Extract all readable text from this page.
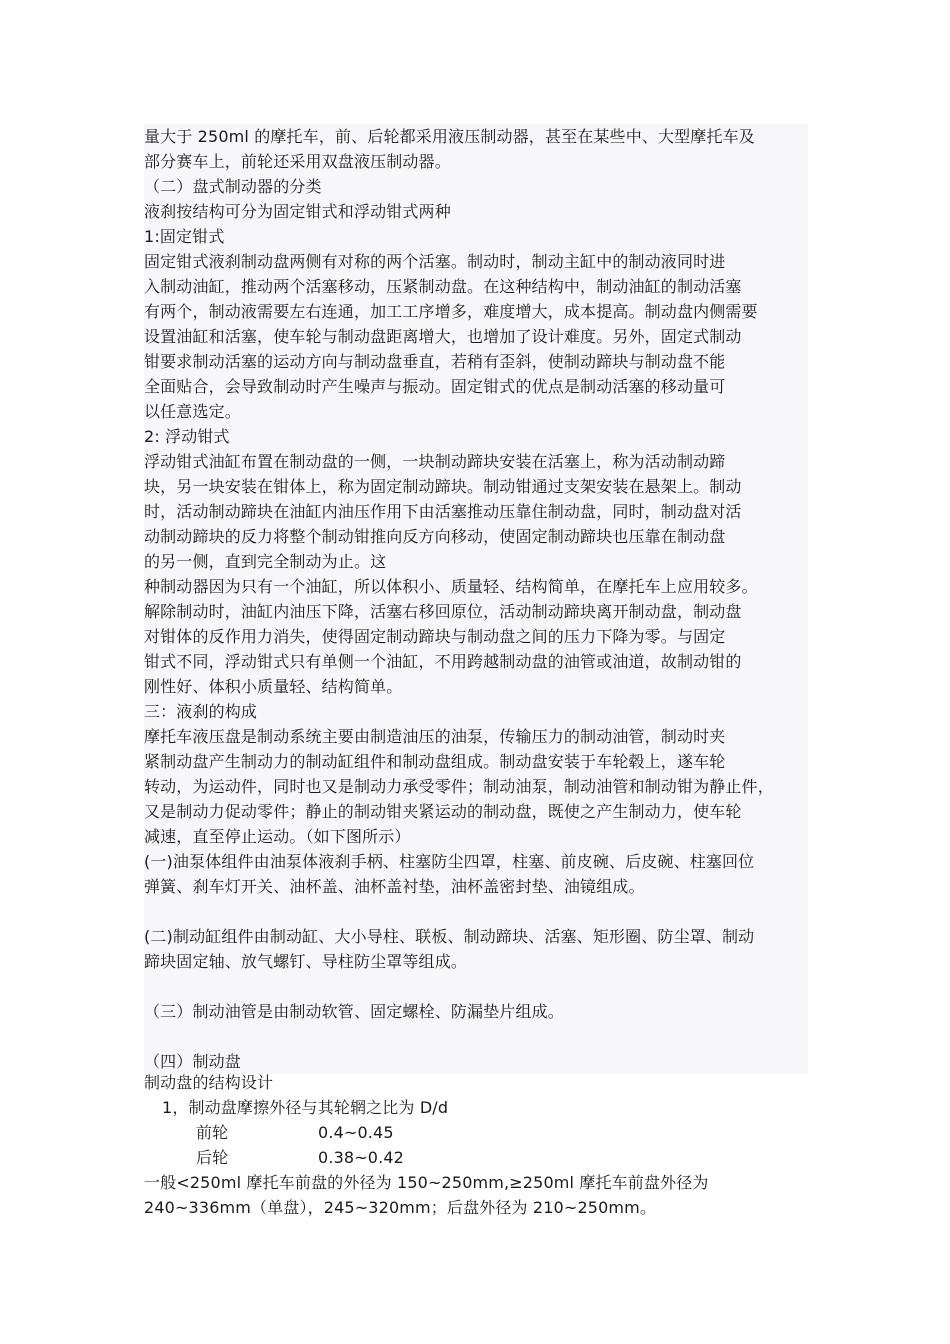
量大于 250ml 的摩托车，前、后轮都采用液压制动器，甚至在某些中、大型摩托车及
部分赛车上，前轮还采用双盘液压制动器。
（二）盘式制动器的分类
液刹按结构可分为固定钳式和浮动钳式两种
1:固定钳式
固定钳式液刹制动盘两侧有对称的两个活塞。制动时，制动主缸中的制动液同时进
入制动油缸，推动两个活塞移动，压紧制动盘。在这种结构中，制动油缸的制动活塞
有两个，制动液需要左右连通，加工工序增多，难度增大，成本提高。制动盘内侧需要
设置油缸和活塞，使车轮与制动盘距离增大，也增加了设计难度。另外，固定式制动
钳要求制动活塞的运动方向与制动盘垂直，若稍有歪斜，使制动蹄块与制动盘不能
全面贴合，会导致制动时产生噪声与振动。固定钳式的优点是制动活塞的移动量可
以任意选定。
2: 浮动钳式
浮动钳式油缸布置在制动盘的一侧，一块制动蹄块安装在活塞上，称为活动制动蹄
块，另一块安装在钳体上，称为固定制动蹄块。制动钳通过支架安装在悬架上。制动
时，活动制动蹄块在油缸内油压作用下由活塞推动压靠住制动盘，同时，制动盘对活
动制动蹄块的反力将整个制动钳推向反方向移动，使固定制动蹄块也压靠在制动盘
的另一侧，直到完全制动为止。这
种制动器因为只有一个油缸，所以体积小、质量轻、结构简单，在摩托车上应用较多。
解除制动时，油缸内油压下降，活塞右移回原位，活动制动蹄块离开制动盘，制动盘
对钳体的反作用力消失，使得固定制动蹄块与制动盘之间的压力下降为零。与固定
钳式不同，浮动钳式只有单侧一个油缸，不用跨越制动盘的油管或油道，故制动钳的
刚性好、体积小质量轻、结构简单。
三：液刹的构成
摩托车液压盘是制动系统主要由制造油压的油泵，传输压力的制动油管，制动时夹
紧制动盘产生制动力的制动缸组件和制动盘组成。制动盘安装于车轮毂上，遂车轮
转动，为运动件，同时也又是制动力承受零件；制动油泵，制动油管和制动钳为静止件，
又是制动力促动零件；静止的制动钳夹紧运动的制动盘，既使之产生制动力，使车轮
减速，直至停止运动。（如下图所示）
(一)油泵体组件由油泵体液刹手柄、柱塞防尘四罩，柱塞、前皮碗、后皮碗、柱塞回位
弹簧、刹车灯开关、油杯盖、油杯盖衬垫，油杯盖密封垫、油镜组成。
(二)制动缸组件由制动缸、大小导柱、联板、制动蹄块、活塞、矩形圈、防尘罩、制动
蹄块固定轴、放气螺钉、导柱防尘罩等组成。
（三）制动油管是由制动软管、固定螺栓、防漏垫片组成。
（四）制动盘
制动盘的结构设计
1，制动盘摩擦外径与其轮辋之比为 D/d
前轮	0.4~0.45
后轮	0.38~0.42
一般<250ml 摩托车前盘的外径为 150~250mm,≥250ml 摩托车前盘外径为
240~336mm（单盘），245~320mm；后盘外径为 210~250mm。
